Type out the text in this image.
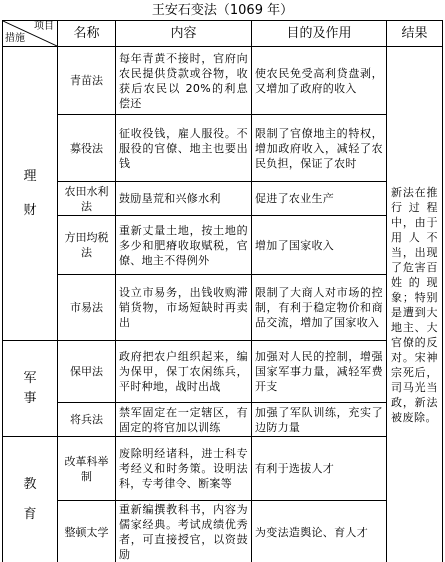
王安石变法（1069 年）
项目
措施	名称	内容	目的及作用	结果

理
财	青苗法	每年青黄不接时，官府向农民提供贷款或谷物，收获后农民以 20%的利息偿还	使农民免受高利贷盘剥，又增加了政府的收入	新法在推行过程中，由于用人不当，出现了危害百姓的现象；特别是遭到大地主、大官僚的反对。宋神宗死后，司马光当政，新法被废除。
	募役法	征收役钱，雇人服役。不服役的官僚、地主也要出钱	限制了官僚地主的特权，增加政府收入，减轻了农民负担，保证了农时	
	农田水利法	鼓励垦荒和兴修水利	促进了农业生产	
	方田均税法	重新丈量土地，按土地的多少和肥瘠收取赋税，官僚、地主不得例外	增加了国家收入	
	市易法	设立市易务，出钱收购滞销货物，市场短缺时再卖出	限制了大商人对市场的控制，有利于稳定物价和商品交流，增加了国家收入	

军
事	保甲法	政府把农户组织起来，编为保甲，保丁农闲练兵，平时种地，战时出战	加强对人民的控制，增强国家军事力量，减轻军费开支	
	将兵法	禁军固定在一定辖区，有固定的将官加以训练	加强了军队训练，充实了边防力量	

教
育	改革科举制	废除明经诸科，进士科专考经义和时务策。设明法科，专考律令、断案等	有利于选拔人才	
	整顿太学	重新编撰教科书，内容为儒家经典。考试成绩优秀者，可直接授官，以资鼓励	为变法造舆论、育人才	
